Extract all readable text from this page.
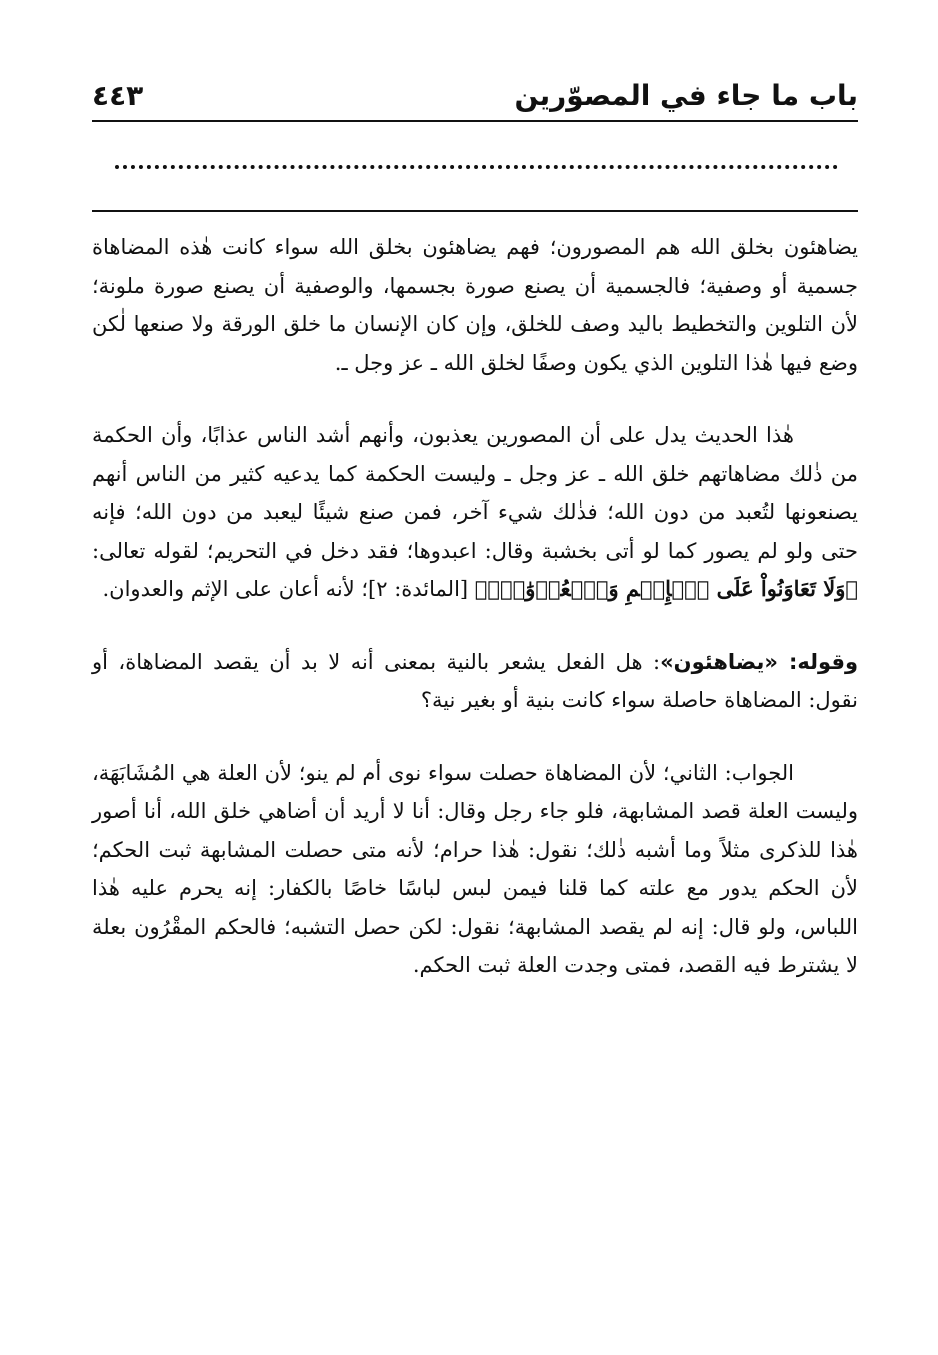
باب ما جاء في المصوّرين
٤٤٣

يضاهئون بخلق الله هم المصورون؛ فهم يضاهئون بخلق الله سواء كانت هٰذه المضاهاة جسمية أو وصفية؛ فالجسمية أن يصنع صورة بجسمها، والوصفية أن يصنع صورة ملونة؛ لأن التلوين والتخطيط باليد وصف للخلق، وإن كان الإنسان ما خلق الورقة ولا صنعها لٰكن وضع فيها هٰذا التلوين الذي يكون وصفًا لخلق الله ـ عز وجل ـ.

هٰذا الحديث يدل على أن المصورين يعذبون، وأنهم أشد الناس عذابًا، وأن الحكمة من ذٰلك مضاهاتهم خلق الله ـ عز وجل ـ وليست الحكمة كما يدعيه كثير من الناس أنهم يصنعونها لتُعبد من دون الله؛ فذٰلك شيء آخر، فمن صنع شيئًا ليعبد من دون الله؛ فإنه حتى ولو لم يصور كما لو أتى بخشبة وقال: اعبدوها؛ فقد دخل في التحريم؛ لقوله تعالى: ﴿وَلَا تَعَاوَنُواْ عَلَى ٱلۡإِثۡمِ وَٱلۡعُدۡوَٰنِۚ﴾ [المائدة: ٢]؛ لأنه أعان على الإثم والعدوان.

وقوله: «يضاهئون»: هل الفعل يشعر بالنية بمعنى أنه لا بد أن يقصد المضاهاة، أو نقول: المضاهاة حاصلة سواء كانت بنية أو بغير نية؟

الجواب: الثاني؛ لأن المضاهاة حصلت سواء نوى أم لم ينو؛ لأن العلة هي المُشَابَهَة، وليست العلة قصد المشابهة، فلو جاء رجل وقال: أنا لا أريد أن أضاهي خلق الله، أنا أصور هٰذا للذكرى مثلاً وما أشبه ذٰلك؛ نقول: هٰذا حرام؛ لأنه متى حصلت المشابهة ثبت الحكم؛ لأن الحكم يدور مع علته كما قلنا فيمن لبس لباسًا خاصًا بالكفار: إنه يحرم عليه هٰذا اللباس، ولو قال: إنه لم يقصد المشابهة؛ نقول: لكن حصل التشبه؛ فالحكم المقْرُون بعلة لا يشترط فيه القصد، فمتى وجدت العلة ثبت الحكم.
